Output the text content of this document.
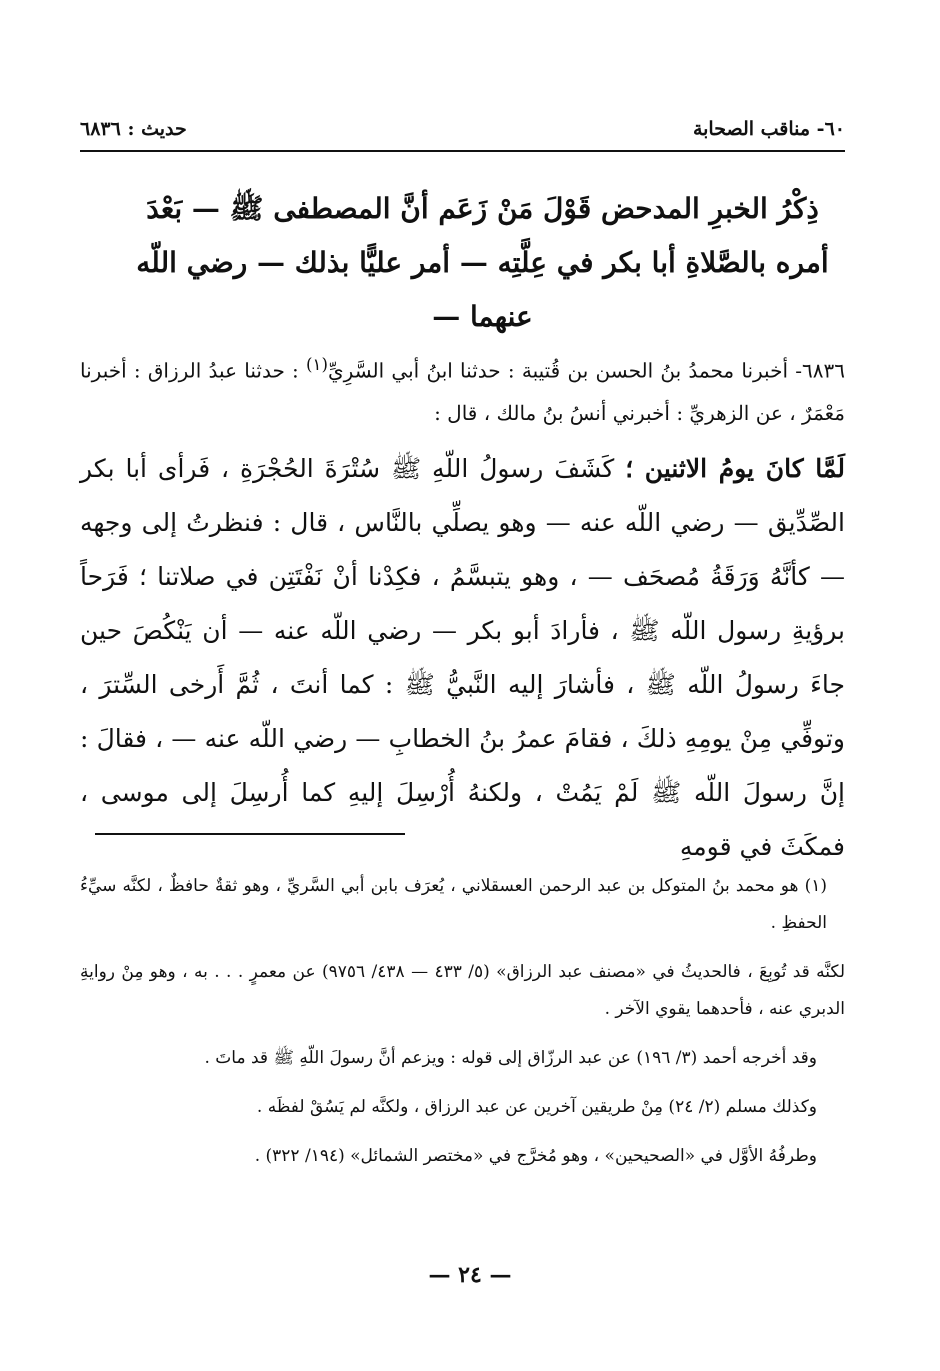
٦٠- مناقب الصحابة
حديث : ٦٨٣٦
ذِكْرُ الخبرِ المدحض قَوْلَ مَنْ زَعَم أنَّ المصطفى ﷺ — بَعْدَ أمره بالصَّلاةِ أبا بكر في عِلَّتِه — أمر عليًّا بذلك — رضي اللّه عنهما —
٦٨٣٦- أخبرنا محمدُ بنُ الحسن بن قُتيبة : حدثنا ابنُ أبي السَّرِيِّ$^{(١)}$ : حدثنا عبدُ الرزاق : أخبرنا مَعْمَرٌ ، عن الزهريِّ : أخبرني أنسُ بنُ مالك ، قال :
لَمَّا كانَ يومُ الاثنين ؛ كَشَفَ رسولُ اللّهِ ﷺ سُتْرَةَ الحُجْرَةِ ، فَرأى أبا بكر الصِّدِّيق — رضي اللّه عنه — وهو يصلِّي بالنَّاس ، قال : فنظرتُ إلى وجهه — كأنَّهُ وَرَقَةُ مُصحَف — ، وهو يتبسَّمُ ، فكِدْنا أنْ نَفْتَتِن في صلاتنا ؛ فَرَحاً برؤيةِ رسول اللّه ﷺ ، فأرادَ أبو بكر — رضي اللّه عنه — أن يَنْكُصَ حين جاءَ رسولُ اللّه ﷺ ، فأشارَ إليه النَّبيُّ ﷺ : كما أنتَ ، ثُمَّ أَرخى السِّترَ ، وتوفِّي مِنْ يومِهِ ذلكَ ، فقامَ عمرُ بنُ الخطابِ — رضي اللّه عنه — ، فقالَ : إنَّ رسولَ اللّه ﷺ لَمْ يَمُتْ ، ولكنهُ أُرْسِلَ إليهِ كما أُرسِلَ إلى موسى ، فمكَثَ في قومهِ

(١) هو محمد بنُ المتوكل بن عبد الرحمن العسقلاني ، يُعرَف بابن أبي السَّريِّ ، وهو ثقةٌ حافظٌ ، لكنَّه سيِّءُ الحفظِ .

لكنَّه قد تُوبِعَ ، فالحديثُ في «مصنف عبد الرزاق» (٥/ ٤٣٣ — ٤٣٨/ ٩٧٥٦) عن معمرٍ . . . به ، وهو مِنْ روايةِ الدبري عنه ، فأحدهما يقوي الآخر .

وقد أخرجه أحمد (٣/ ١٩٦) عن عبد الرزّاق إلى قوله : ويزعم أنَّ رسولَ اللّهِ ﷺ قد ماتَ .

وكذلك مسلم (٢/ ٢٤) مِنْ طريقين آخرين عن عبد الرزاق ، ولكنَّه لم يَسُقْ لفظَه .

وطرفُهُ الأوَّل في «الصحيحين» ، وهو مُخرَّج في «مختصر الشمائل» (١٩٤/ ٣٢٢) .

— ٢٤ —
